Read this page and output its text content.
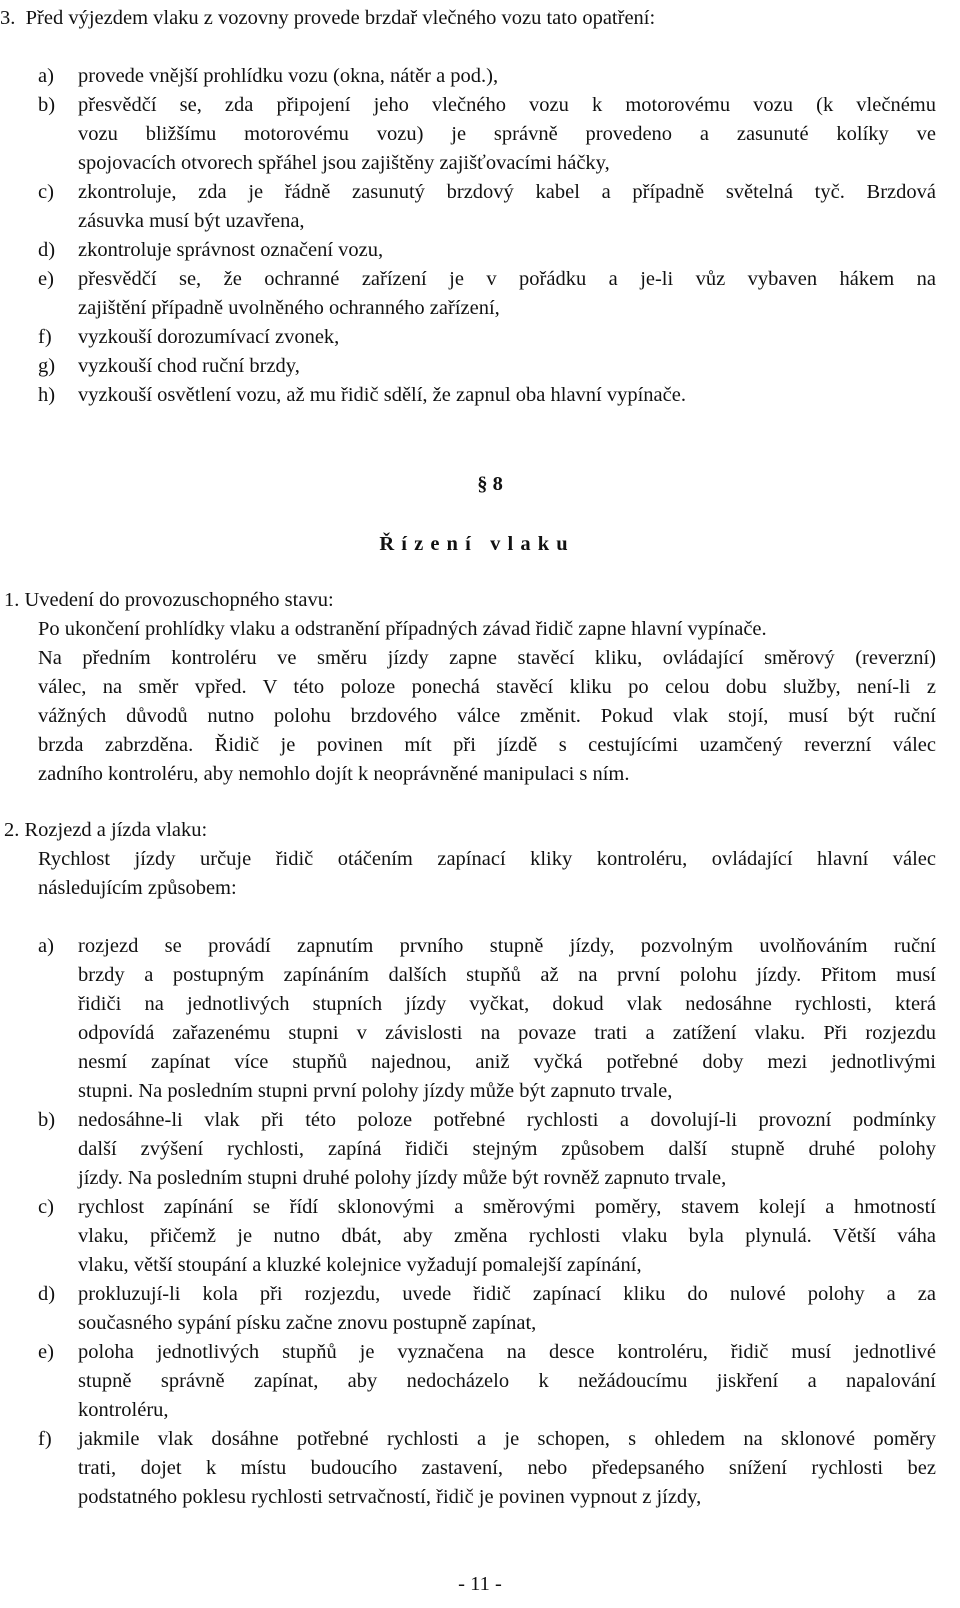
3. Před výjezdem vlaku z vozovny provede brzdař vlečného vozu tato opatření:
a) provede vnější prohlídku vozu (okna, nátěr a pod.),
b) přesvědčí se, zda připojení jeho vlečného vozu k motorovému vozu (k vlečnému
vozu bližšímu motorovému vozu) je správně provedeno a zasunuté kolíky ve
spojovacích otvorech spřáhel jsou zajištěny zajišťovacími háčky,
c) zkontroluje, zda je řádně zasunutý brzdový kabel a případně světelná tyč. Brzdová
zásuvka musí být uzavřena,
d) zkontroluje správnost označení vozu,
e) přesvědčí se, že ochranné zařízení je v pořádku a je-li vůz vybaven hákem na
zajištění případně uvolněného ochranného zařízení,
f) vyzkouší dorozumívací zvonek,
g) vyzkouší chod ruční brzdy,
h) vyzkouší osvětlení vozu, až mu řidič sdělí, že zapnul oba hlavní vypínače.
§ 8
Ř í z e n í   v l a k u
1. Uvedení do provozuschopného stavu:
Po ukončení prohlídky vlaku a odstranění případných závad řidič zapne hlavní vypínače.
Na předním kontroléru ve směru jízdy zapne stavěcí kliku, ovládající směrový (reverzní)
válec, na směr vpřed. V této poloze ponechá stavěcí kliku po celou dobu služby, není-li z
vážných důvodů nutno polohu brzdového válce změnit. Pokud vlak stojí, musí být ruční
brzda zabrzděna. Řidič je povinen mít při jízdě s cestujícími uzamčený reverzní válec
zadního kontroléru, aby nemohlo dojít k neoprávněné manipulaci s ním.
2. Rozjezd a jízda vlaku:
Rychlost jízdy určuje řidič otáčením zapínací kliky kontroléru, ovládající hlavní válec
následujícím způsobem:
a) rozjezd se provádí zapnutím prvního stupně jízdy, pozvolným uvolňováním ruční
brzdy a postupným zapínáním dalších stupňů až na první polohu jízdy. Přitom musí
řidiči na jednotlivých stupních jízdy vyčkat, dokud vlak nedosáhne rychlosti, která
odpovídá zařazenému stupni v závislosti na povaze trati a zatížení vlaku. Při rozjezdu
nesmí zapínat více stupňů najednou, aniž vyčká potřebné doby mezi jednotlivými
stupni. Na posledním stupni první polohy jízdy může být zapnuto trvale,
b) nedosáhne-li vlak při této poloze potřebné rychlosti a dovolují-li provozní podmínky
další zvýšení rychlosti, zapíná řidiči stejným způsobem další stupně druhé polohy
jízdy. Na posledním stupni druhé polohy jízdy může být rovněž zapnuto trvale,
c) rychlost zapínání se řídí sklonovými a směrovými poměry, stavem kolejí a hmotností
vlaku, přičemž je nutno dbát, aby změna rychlosti vlaku byla plynulá. Větší váha
vlaku, větší stoupání a kluzké kolejnice vyžadují pomalejší zapínání,
d) prokluzují-li kola při rozjezdu, uvede řidič zapínací kliku do nulové polohy a za
současného sypání písku začne znovu postupně zapínat,
e) poloha jednotlivých stupňů je vyznačena na desce kontroléru, řidič musí jednotlivé
stupně správně zapínat, aby nedocházelo k nežádoucímu jiskření a napalování
kontroléru,
f) jakmile vlak dosáhne potřebné rychlosti a je schopen, s ohledem na sklonové poměry
trati, dojet k místu budoucího zastavení, nebo předepsaného snížení rychlosti bez
podstatného poklesu rychlosti setrvačností, řidič je povinen vypnout z jízdy,
- 11 -
